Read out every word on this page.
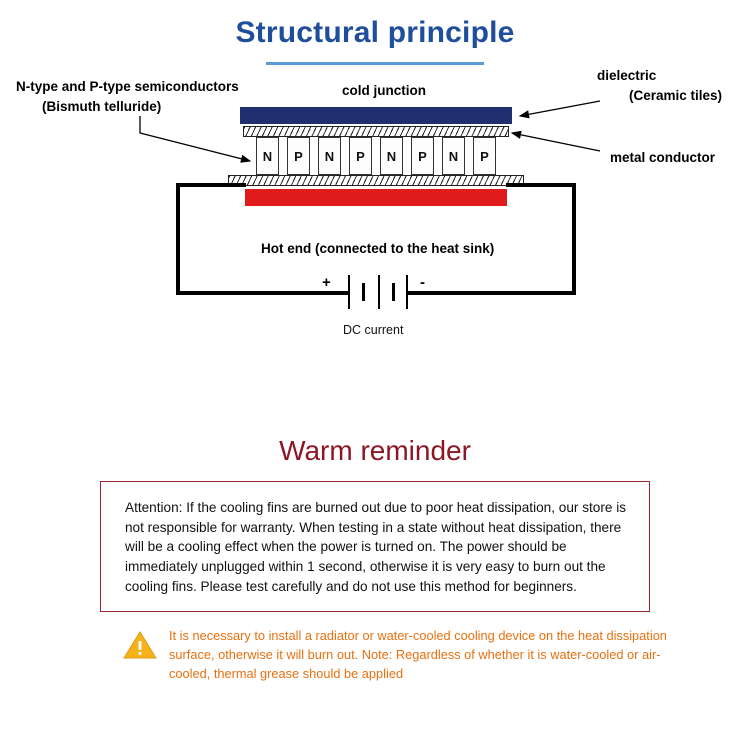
Structural principle
N-type and P-type semiconductors
(Bismuth telluride)
cold junction
dielectric
(Ceramic tiles)
metal conductor
Hot end (connected to the heat sink)
N	P	N	P	N	P	N	P
+	-
DC current
Warm reminder
Attention: If the cooling fins are burned out due to poor heat dissipation, our store is not responsible for warranty. When testing in a state without heat dissipation, there will be a cooling effect when the power is turned on. The power should be immediately unplugged within 1 second, otherwise it is very easy to burn out the cooling fins. Please test carefully and do not use this method for beginners.
It is necessary to install a radiator or water-cooled cooling device on the heat dissipation surface, otherwise it will burn out. Note: Regardless of whether it is water-cooled or air-cooled, thermal grease should be applied
